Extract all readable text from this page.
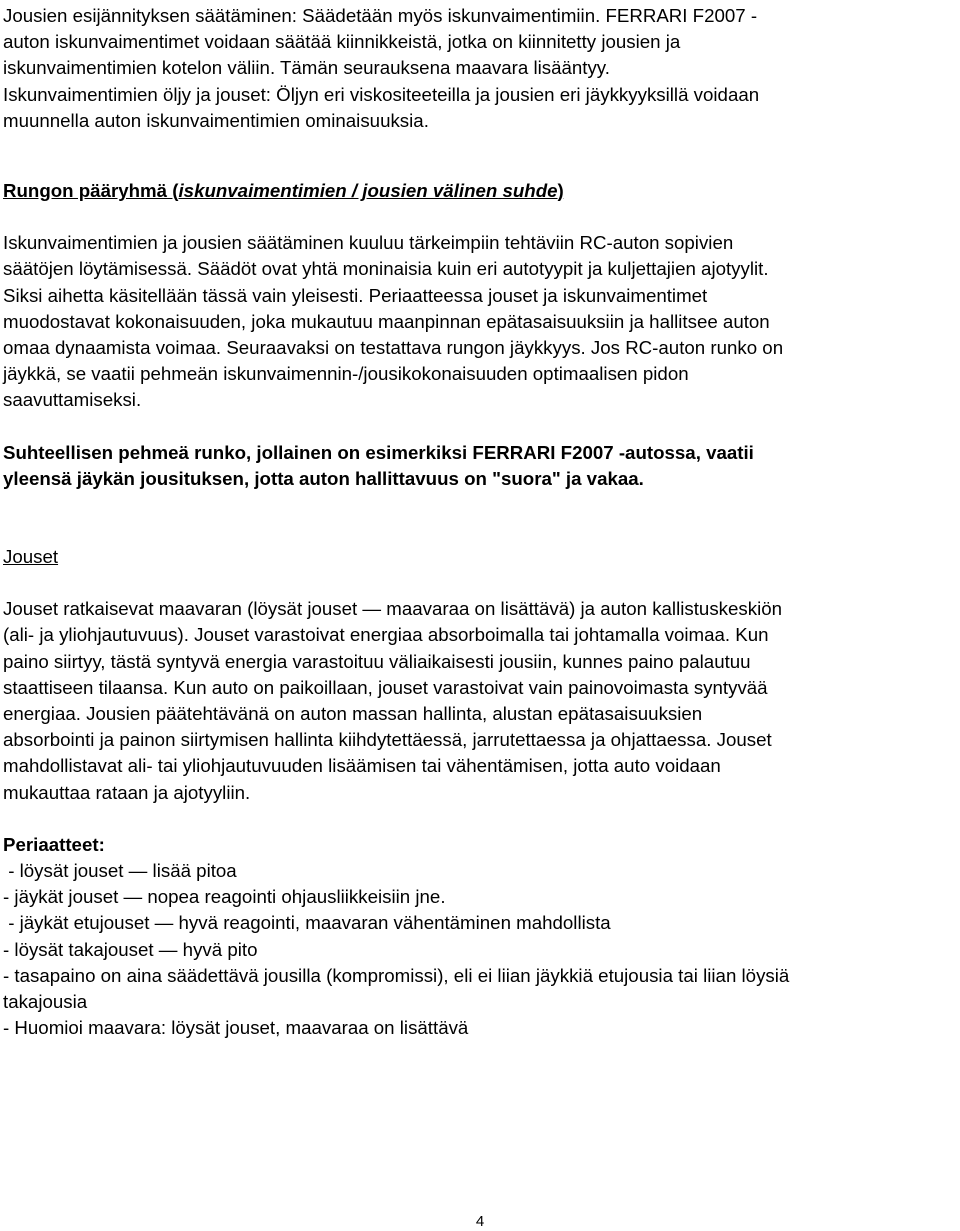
Jousien esijännityksen säätäminen: Säädetään myös iskunvaimentimiin. FERRARI F2007 -
auton iskunvaimentimet voidaan säätää kiinnikkeistä, jotka on kiinnitetty jousien ja
iskunvaimentimien kotelon väliin. Tämän seurauksena maavara lisääntyy.
Iskunvaimentimien öljy ja jouset: Öljyn eri viskositeeteilla ja jousien eri jäykkyyksillä voidaan
muunnella auton iskunvaimentimien ominaisuuksia.
Rungon pääryhmä (iskunvaimentimien / jousien välinen suhde)
Iskunvaimentimien ja jousien säätäminen kuuluu tärkeimpiin tehtäviin RC-auton sopivien
säätöjen löytämisessä. Säädöt ovat yhtä moninaisia kuin eri autotyypit ja kuljettajien ajotyylit.
Siksi aihetta käsitellään tässä vain yleisesti. Periaatteessa jouset ja iskunvaimentimet
muodostavat kokonaisuuden, joka mukautuu maanpinnan epätasaisuuksiin ja hallitsee auton
omaa dynaamista voimaa. Seuraavaksi on testattava rungon jäykkyys. Jos RC-auton runko on
jäykkä, se vaatii pehmeän iskunvaimennin-/jousikokonaisuuden optimaalisen pidon
saavuttamiseksi.
Suhteellisen pehmeä runko, jollainen on esimerkiksi FERRARI F2007 -autossa, vaatii
yleensä jäykän jousituksen, jotta auton hallittavuus on "suora" ja vakaa.
Jouset
Jouset ratkaisevat maavaran (löysät jouset — maavaraa on lisättävä) ja auton kallistuskeskiön
(ali- ja yliohjautuvuus). Jouset varastoivat energiaa absorboimalla tai johtamalla voimaa. Kun
paino siirtyy, tästä syntyvä energia varastoituu väliaikaisesti jousiin, kunnes paino palautuu
staattiseen tilaansa. Kun auto on paikoillaan, jouset varastoivat vain painovoimasta syntyvää
energiaa. Jousien päätehtävänä on auton massan hallinta, alustan epätasaisuuksien
absorbointi ja painon siirtymisen hallinta kiihdytettäessä, jarrutettaessa ja ohjattaessa. Jouset
mahdollistavat ali- tai yliohjautuvuuden lisäämisen tai vähentämisen, jotta auto voidaan
mukauttaa rataan ja ajotyyliin.
Periaatteet:
- löysät jouset — lisää pitoa
- jäykät jouset — nopea reagointi ohjausliikkeisiin jne.
- jäykät etujouset — hyvä reagointi, maavaran vähentäminen mahdollista
- löysät takajouset — hyvä pito
- tasapaino on aina säädettävä jousilla (kompromissi), eli ei liian jäykkiä etujousia tai liian löysiä
takajousia
- Huomioi maavara: löysät jouset, maavaraa on lisättävä
4
